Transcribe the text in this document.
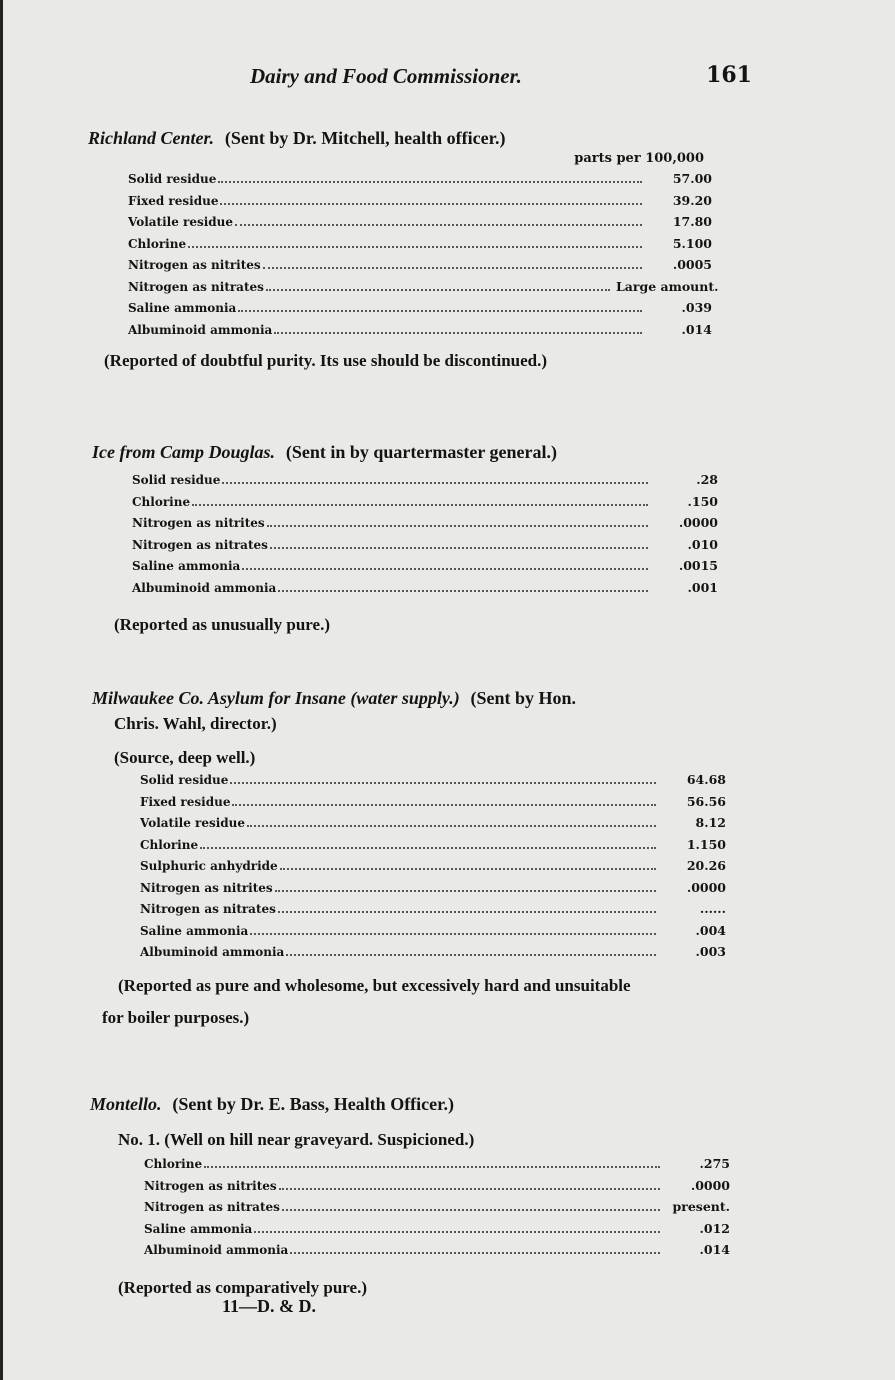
Dairy and Food Commissioner.	161
Richland Center. (Sent by Dr. Mitchell, health officer.)
parts per 100,000
Solid residue	57.00
Fixed residue	39.20
Volatile residue	17.80
Chlorine	5.100
Nitrogen as nitrites	.0005
Nitrogen as nitrates	Large amount.
Saline ammonia	.039
Albuminoid ammonia	.014
(Reported of doubtful purity. Its use should be discontinued.)
Ice from Camp Douglas. (Sent in by quartermaster general.)
Solid residue	.28
Chlorine	.150
Nitrogen as nitrites	.0000
Nitrogen as nitrates	.010
Saline ammonia	.0015
Albuminoid ammonia	.001
(Reported as unusually pure.)
Milwaukee Co. Asylum for Insane (water supply.) (Sent by Hon.
Chris. Wahl, director.)
(Source, deep well.)
Solid residue	64.68
Fixed residue	56.56
Volatile residue	8.12
Chlorine	1.150
Sulphuric anhydride	20.26
Nitrogen as nitrites	.0000
Nitrogen as nitrates	......
Saline ammonia	.004
Albuminoid ammonia	.003
(Reported as pure and wholesome, but excessively hard and unsuitable
for boiler purposes.)
Montello. (Sent by Dr. E. Bass, Health Officer.)
No. 1. (Well on hill near graveyard. Suspicioned.)
Chlorine	.275
Nitrogen as nitrites	.0000
Nitrogen as nitrates	present.
Saline ammonia	.012
Albuminoid ammonia	.014
(Reported as comparatively pure.)
11—D. & D.
